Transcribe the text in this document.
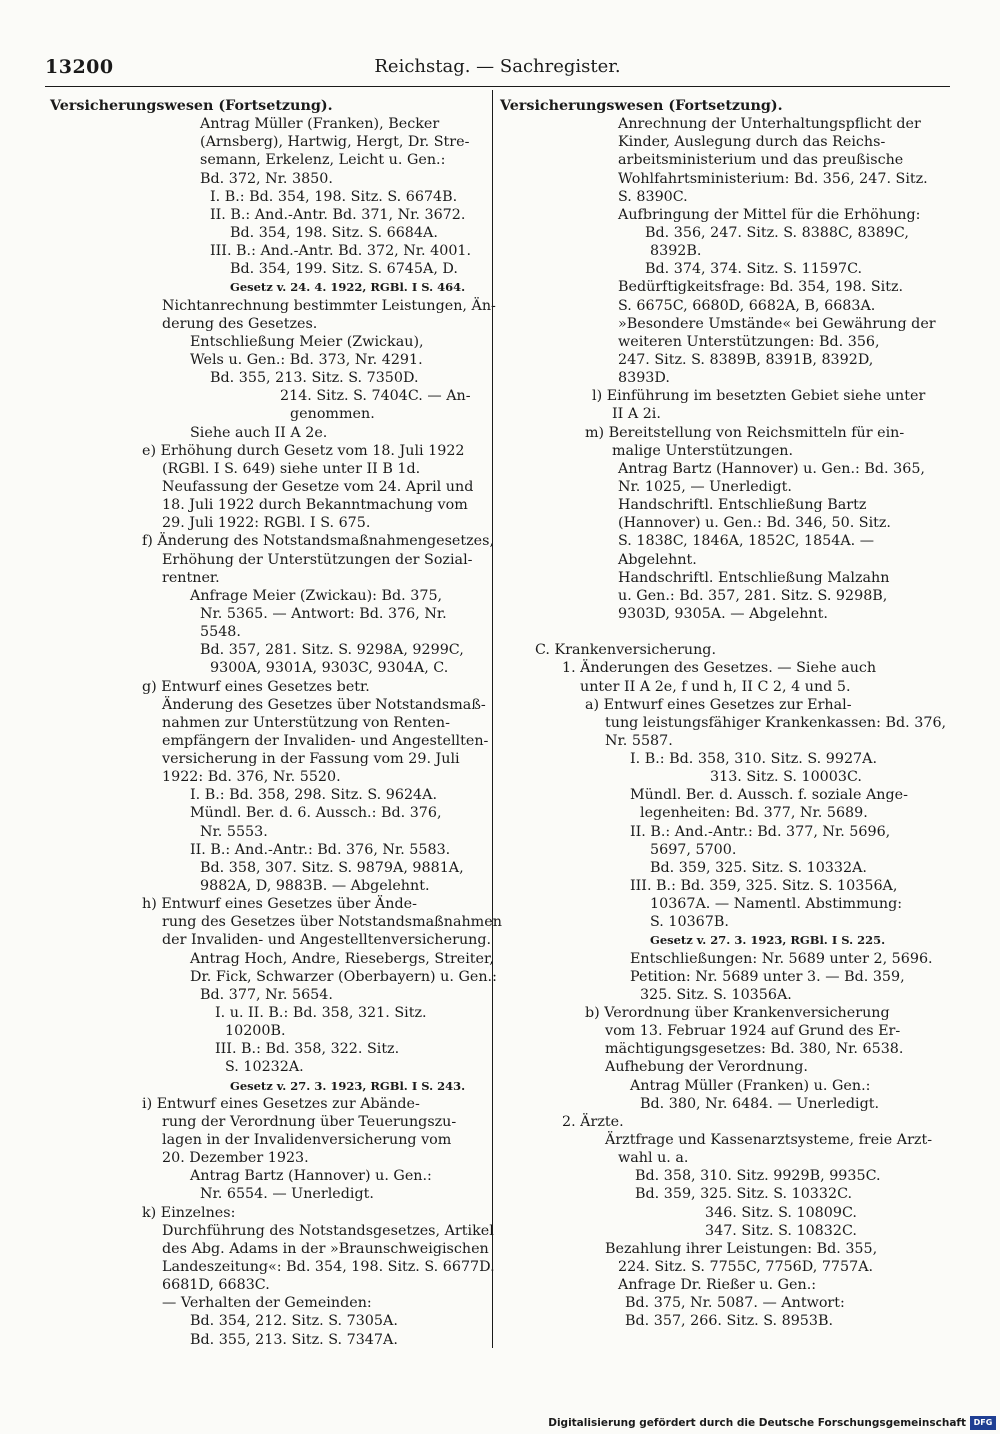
13200	Reichstag. — Sachregister.
Versicherungswesen (Fortsetzung).
Antrag Müller (Franken), Becker
(Arnsberg), Hartwig, Hergt, Dr. Stre-
semann, Erkelenz, Leicht u. Gen.:
Bd. 372, Nr. 3850.
I. B.: Bd. 354, 198. Sitz. S. 6674B.
II. B.: And.-Antr. Bd. 371, Nr. 3672.
Bd. 354, 198. Sitz. S. 6684A.
III. B.: And.-Antr. Bd. 372, Nr. 4001.
Bd. 354, 199. Sitz. S. 6745A, D.
Gesetz v. 24. 4. 1922, RGBl. I S. 464.
Nichtanrechnung bestimmter Leistungen, Än-
derung des Gesetzes.
Entschließung Meier (Zwickau),
Wels u. Gen.: Bd. 373, Nr. 4291.
Bd. 355, 213. Sitz. S. 7350D.
214. Sitz. S. 7404C. — An-
genommen.
Siehe auch II A 2e.
e) Erhöhung durch Gesetz vom 18. Juli 1922
(RGBl. I S. 649) siehe unter II B 1d.
Neufassung der Gesetze vom 24. April und
18. Juli 1922 durch Bekanntmachung vom
29. Juli 1922: RGBl. I S. 675.
f) Änderung des Notstandsmaßnahmengesetzes,
Erhöhung der Unterstützungen der Sozial-
rentner.
Anfrage Meier (Zwickau): Bd. 375,
Nr. 5365. — Antwort: Bd. 376, Nr.
5548.
Bd. 357, 281. Sitz. S. 9298A, 9299C,
9300A, 9301A, 9303C, 9304A, C.
g) Entwurf eines Gesetzes betr.
Änderung des Gesetzes über Notstandsmaß-
nahmen zur Unterstützung von Renten-
empfängern der Invaliden- und Angestellten-
versicherung in der Fassung vom 29. Juli
1922: Bd. 376, Nr. 5520.
I. B.: Bd. 358, 298. Sitz. S. 9624A.
Mündl. Ber. d. 6. Aussch.: Bd. 376,
Nr. 5553.
II. B.: And.-Antr.: Bd. 376, Nr. 5583.
Bd. 358, 307. Sitz. S. 9879A, 9881A,
9882A, D, 9883B. — Abgelehnt.
h) Entwurf eines Gesetzes über Ände-
rung des Gesetzes über Notstandsmaßnahmen
der Invaliden- und Angestelltenversicherung.
Antrag Hoch, Andre, Riesebergs, Streiter,
Dr. Fick, Schwarzer (Oberbayern) u. Gen.:
Bd. 377, Nr. 5654.
I. u. II. B.: Bd. 358, 321. Sitz.
10200B.
III. B.: Bd. 358, 322. Sitz.
S. 10232A.
Gesetz v. 27. 3. 1923, RGBl. I S. 243.
i) Entwurf eines Gesetzes zur Abände-
rung der Verordnung über Teuerungszu-
lagen in der Invalidenversicherung vom
20. Dezember 1923.
Antrag Bartz (Hannover) u. Gen.:
Nr. 6554. — Unerledigt.
k) Einzelnes:
Durchführung des Notstandsgesetzes, Artikel
des Abg. Adams in der »Braunschweigischen
Landeszeitung«: Bd. 354, 198. Sitz. S. 6677D.
6681D, 6683C.
— Verhalten der Gemeinden:
Bd. 354, 212. Sitz. S. 7305A.
Bd. 355, 213. Sitz. S. 7347A.
Versicherungswesen (Fortsetzung).
Anrechnung der Unterhaltungspflicht der
Kinder, Auslegung durch das Reichs-
arbeitsministerium und das preußische
Wohlfahrtsministerium: Bd. 356, 247. Sitz.
S. 8390C.
Aufbringung der Mittel für die Erhöhung:
Bd. 356, 247. Sitz. S. 8388C, 8389C,
8392B.
Bd. 374, 374. Sitz. S. 11597C.
Bedürftigkeitsfrage: Bd. 354, 198. Sitz.
S. 6675C, 6680D, 6682A, B, 6683A.
»Besondere Umstände« bei Gewährung der
weiteren Unterstützungen: Bd. 356,
247. Sitz. S. 8389B, 8391B, 8392D,
8393D.
l) Einführung im besetzten Gebiet siehe unter
II A 2i.
m) Bereitstellung von Reichsmitteln für ein-
malige Unterstützungen.
Antrag Bartz (Hannover) u. Gen.: Bd. 365,
Nr. 1025, — Unerledigt.
Handschriftl. Entschließung Bartz
(Hannover) u. Gen.: Bd. 346, 50. Sitz.
S. 1838C, 1846A, 1852C, 1854A. —
Abgelehnt.
Handschriftl. Entschließung Malzahn
u. Gen.: Bd. 357, 281. Sitz. S. 9298B,
9303D, 9305A. — Abgelehnt.
C. Krankenversicherung.
1. Änderungen des Gesetzes. — Siehe auch
unter II A 2e, f und h, II C 2, 4 und 5.
a) Entwurf eines Gesetzes zur Erhal-
tung leistungsfähiger Krankenkassen: Bd. 376,
Nr. 5587.
I. B.: Bd. 358, 310. Sitz. S. 9927A.
313. Sitz. S. 10003C.
Mündl. Ber. d. Aussch. f. soziale Ange-
legenheiten: Bd. 377, Nr. 5689.
II. B.: And.-Antr.: Bd. 377, Nr. 5696,
5697, 5700.
Bd. 359, 325. Sitz. S. 10332A.
III. B.: Bd. 359, 325. Sitz. S. 10356A,
10367A. — Namentl. Abstimmung:
S. 10367B.
Gesetz v. 27. 3. 1923, RGBl. I S. 225.
Entschließungen: Nr. 5689 unter 2, 5696.
Petition: Nr. 5689 unter 3. — Bd. 359,
325. Sitz. S. 10356A.
b) Verordnung über Krankenversicherung
vom 13. Februar 1924 auf Grund des Er-
mächtigungsgesetzes: Bd. 380, Nr. 6538.
Aufhebung der Verordnung.
Antrag Müller (Franken) u. Gen.:
Bd. 380, Nr. 6484. — Unerledigt.
2. Ärzte.
Ärztfrage und Kassenarztsysteme, freie Arzt-
wahl u. a.
Bd. 358, 310. Sitz. 9929B, 9935C.
Bd. 359, 325. Sitz. S. 10332C.
346. Sitz. S. 10809C.
347. Sitz. S. 10832C.
Bezahlung ihrer Leistungen: Bd. 355,
224. Sitz. S. 7755C, 7756D, 7757A.
Anfrage Dr. Rießer u. Gen.:
Bd. 375, Nr. 5087. — Antwort:
Bd. 357, 266. Sitz. S. 8953B.
Digitalisierung gefördert durch die Deutsche Forschungsgemeinschaft DFG
